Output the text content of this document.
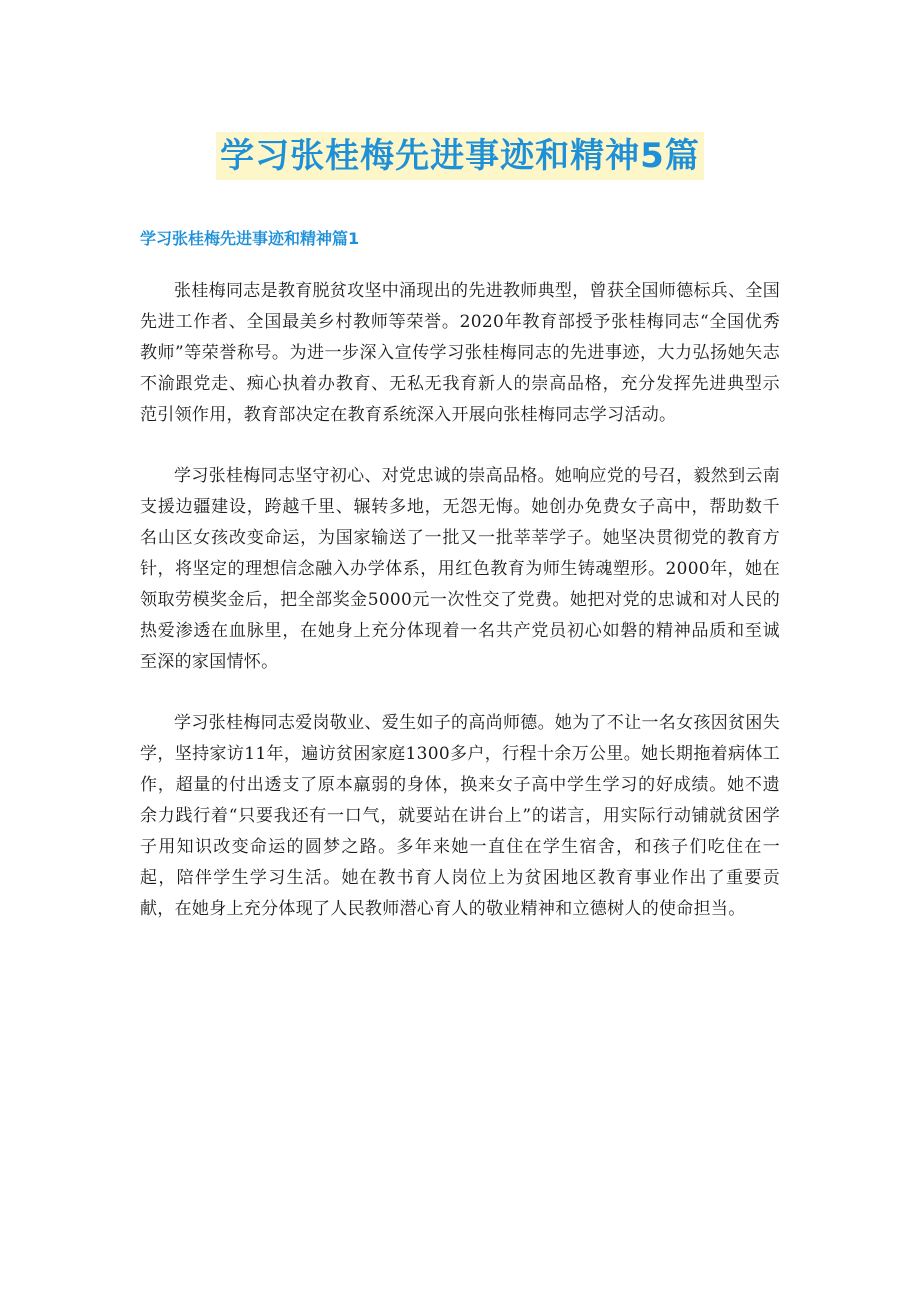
学习张桂梅先进事迹和精神5篇
学习张桂梅先进事迹和精神篇1

张桂梅同志是教育脱贫攻坚中涌现出的先进教师典型，曾获全国师德标兵、全国先进工作者、全国最美乡村教师等荣誉。2020年教育部授予张桂梅同志“全国优秀教师”等荣誉称号。为进一步深入宣传学习张桂梅同志的先进事迹，大力弘扬她矢志不渝跟党走、痴心执着办教育、无私无我育新人的崇高品格，充分发挥先进典型示范引领作用，教育部决定在教育系统深入开展向张桂梅同志学习活动。

学习张桂梅同志坚守初心、对党忠诚的崇高品格。她响应党的号召，毅然到云南支援边疆建设，跨越千里、辗转多地，无怨无悔。她创办免费女子高中，帮助数千名山区女孩改变命运，为国家输送了一批又一批莘莘学子。她坚决贯彻党的教育方针，将坚定的理想信念融入办学体系，用红色教育为师生铸魂塑形。2000年，她在领取劳模奖金后，把全部奖金5000元一次性交了党费。她把对党的忠诚和对人民的热爱渗透在血脉里，在她身上充分体现着一名共产党员初心如磐的精神品质和至诚至深的家国情怀。

学习张桂梅同志爱岗敬业、爱生如子的高尚师德。她为了不让一名女孩因贫困失学，坚持家访11年，遍访贫困家庭1300多户，行程十余万公里。她长期拖着病体工作，超量的付出透支了原本羸弱的身体，换来女子高中学生学习的好成绩。她不遗余力践行着“只要我还有一口气，就要站在讲台上”的诺言，用实际行动铺就贫困学子用知识改变命运的圆梦之路。多年来她一直住在学生宿舍，和孩子们吃住在一起，陪伴学生学习生活。她在教书育人岗位上为贫困地区教育事业作出了重要贡献，在她身上充分体现了人民教师潜心育人的敬业精神和立德树人的使命担当。
